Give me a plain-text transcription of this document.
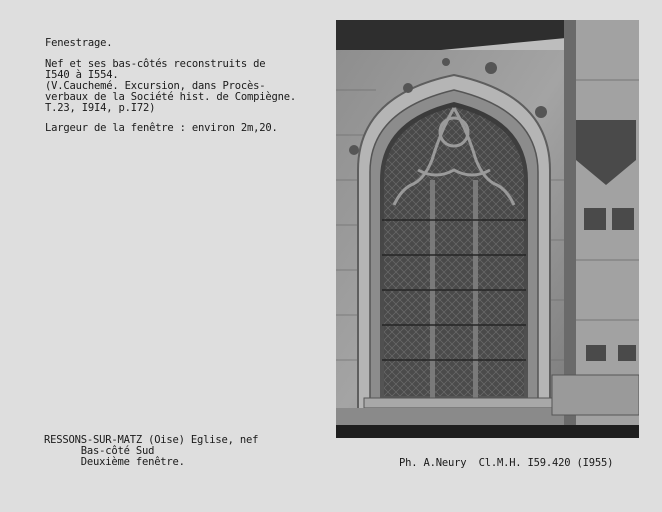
Fenestrage.
Nef et ses bas-côtés reconstruits de
I540 à I554.
(V.Cauchemé. Excursion, dans Procès-
verbaux de la Société hist. de Compiègne.
T.23, I9I4, p.I72)
Largeur de la fenêtre : environ 2m,20.
RESSONS-SUR-MATZ (Oise) Eglise, nef
Bas-côté Sud
Deuxième fenêtre.	Ph. A.Neury  Cl.M.H. I59.420 (I955)
